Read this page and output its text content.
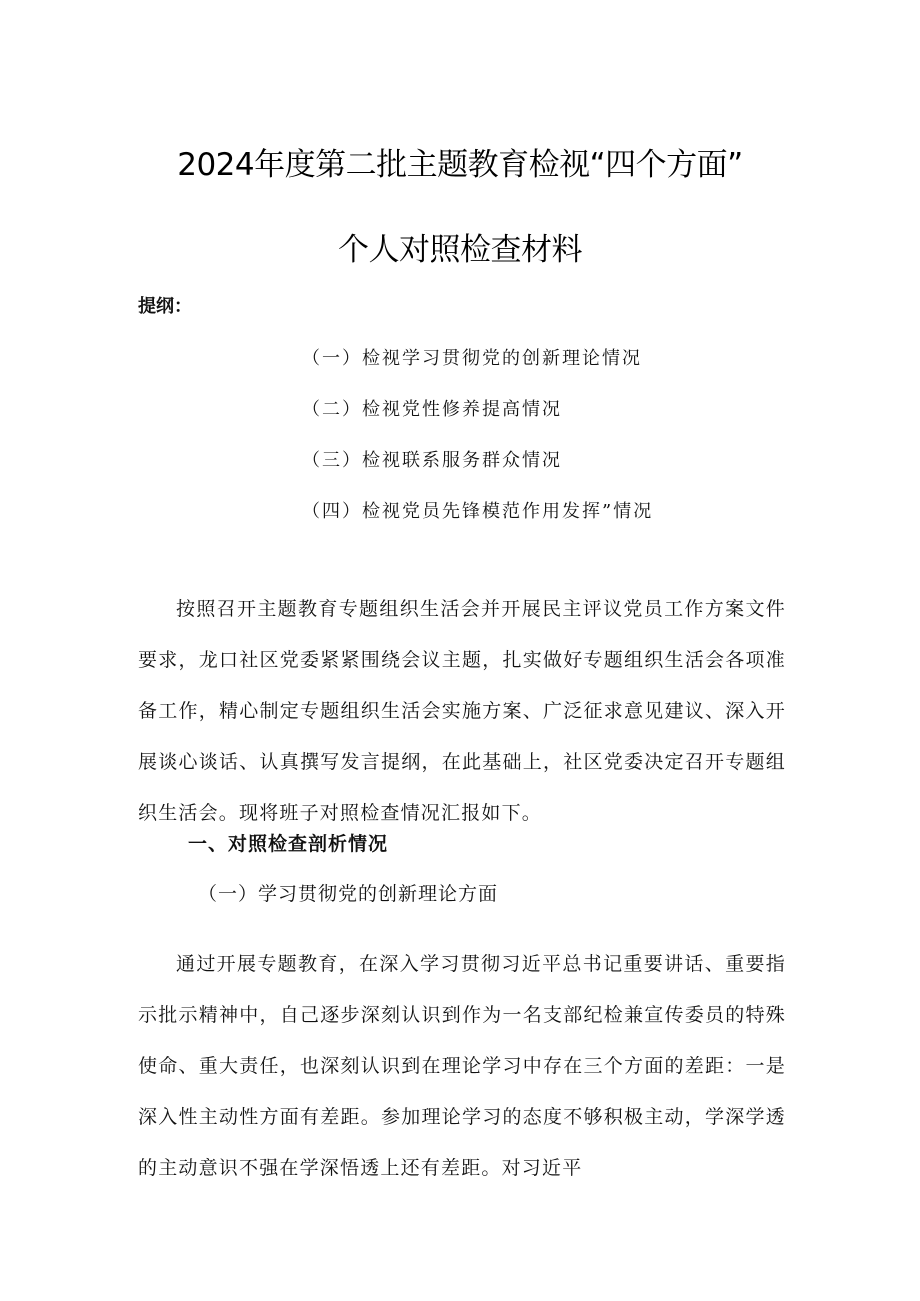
2024年度第二批主题教育检视“四个方面”
个人对照检查材料
提纲：
（一）检视学习贯彻党的创新理论情况
（二）检视党性修养提高情况
（三）检视联系服务群众情况
（四）检视党员先锋模范作用发挥”情况

按照召开主题教育专题组织生活会并开展民主评议党员工作方案文件要求，龙口社区党委紧紧围绕会议主题，扎实做好专题组织生活会各项准备工作，精心制定专题组织生活会实施方案、广泛征求意见建议、深入开展谈心谈话、认真撰写发言提纲，在此基础上，社区党委决定召开专题组织生活会。现将班子对照检查情况汇报如下。

一、对照检查剖析情况
（一）学习贯彻党的创新理论方面

通过开展专题教育，在深入学习贯彻习近平总书记重要讲话、重要指示批示精神中，自己逐步深刻认识到作为一名支部纪检兼宣传委员的特殊使命、重大责任，也深刻认识到在理论学习中存在三个方面的差距：一是深入性主动性方面有差距。参加理论学习的态度不够积极主动，学深学透的主动意识不强在学深悟透上还有差距。对习近平
